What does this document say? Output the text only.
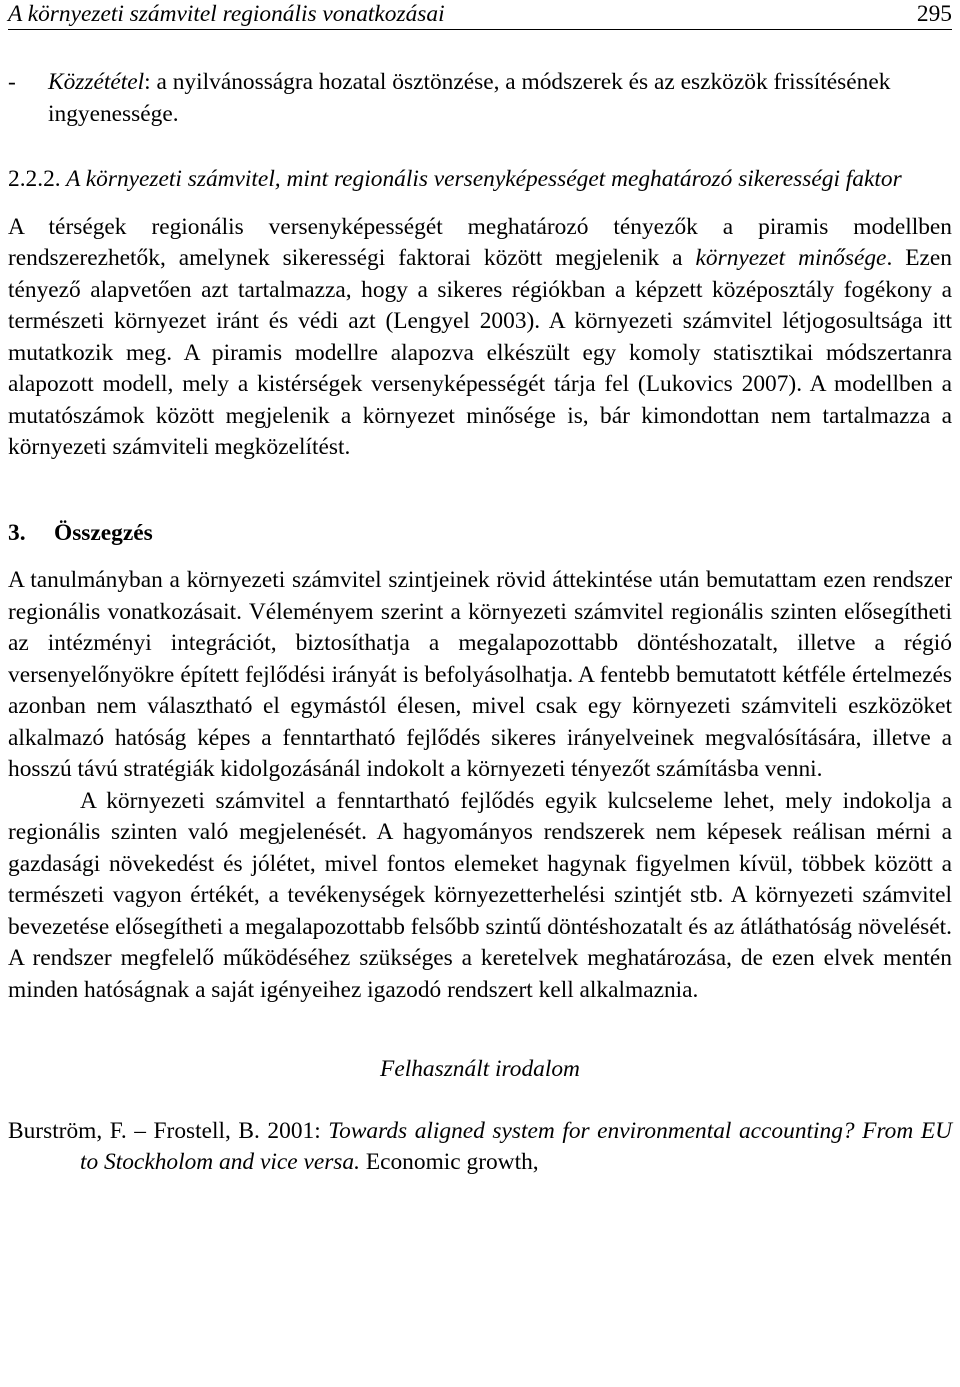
A környezeti számvitel regionális vonatkozásai	295
-	Közzététel: a nyilvánosságra hozatal ösztönzése, a módszerek és az eszközök frissítésének ingyenessége.

2.2.2. A környezeti számvitel, mint regionális versenyképességet meghatározó sikerességi faktor

A térségek regionális versenyképességét meghatározó tényezők a piramis modellben rendszerezhetők, amelynek sikerességi faktorai között megjelenik a környezet minősége. Ezen tényező alapvetően azt tartalmazza, hogy a sikeres régiókban a képzett középosztály fogékony a természeti környezet iránt és védi azt (Lengyel 2003). A környezeti számvitel létjogosultsága itt mutatkozik meg. A piramis modellre alapozva elkészült egy komoly statisztikai módszertanra alapozott modell, mely a kistérségek versenyképességét tárja fel (Lukovics 2007). A modellben a mutatószámok között megjelenik a környezet minősége is, bár kimondottan nem tartalmazza a környezeti számviteli megközelítést.

3. Összegzés

A tanulmányban a környezeti számvitel szintjeinek rövid áttekintése után bemutattam ezen rendszer regionális vonatkozásait. Véleményem szerint a környezeti számvitel regionális szinten elősegítheti az intézményi integrációt, biztosíthatja a megalapozottabb döntéshozatalt, illetve a régió versenyelőnyökre épített fejlődési irányát is befolyásolhatja. A fentebb bemutatott kétféle értelmezés azonban nem választható el egymástól élesen, mivel csak egy környezeti számviteli eszközöket alkalmazó hatóság képes a fenntartható fejlődés sikeres irányelveinek megvalósítására, illetve a hosszú távú stratégiák kidolgozásánál indokolt a környezeti tényezőt számításba venni.

A környezeti számvitel a fenntartható fejlődés egyik kulcseleme lehet, mely indokolja a regionális szinten való megjelenését. A hagyományos rendszerek nem képesek reálisan mérni a gazdasági növekedést és jólétet, mivel fontos elemeket hagynak figyelmen kívül, többek között a természeti vagyon értékét, a tevékenységek környezetterhelési szintjét stb. A környezeti számvitel bevezetése elősegítheti a megalapozottabb felsőbb szintű döntéshozatalt és az átláthatóság növelését. A rendszer megfelelő működéséhez szükséges a keretelvek meghatározása, de ezen elvek mentén minden hatóságnak a saját igényeihez igazodó rendszert kell alkalmaznia.

Felhasznált irodalom

Burström, F. – Frostell, B. 2001: Towards aligned system for environmental accounting? From EU to Stockholom and vice versa. Economic growth,
